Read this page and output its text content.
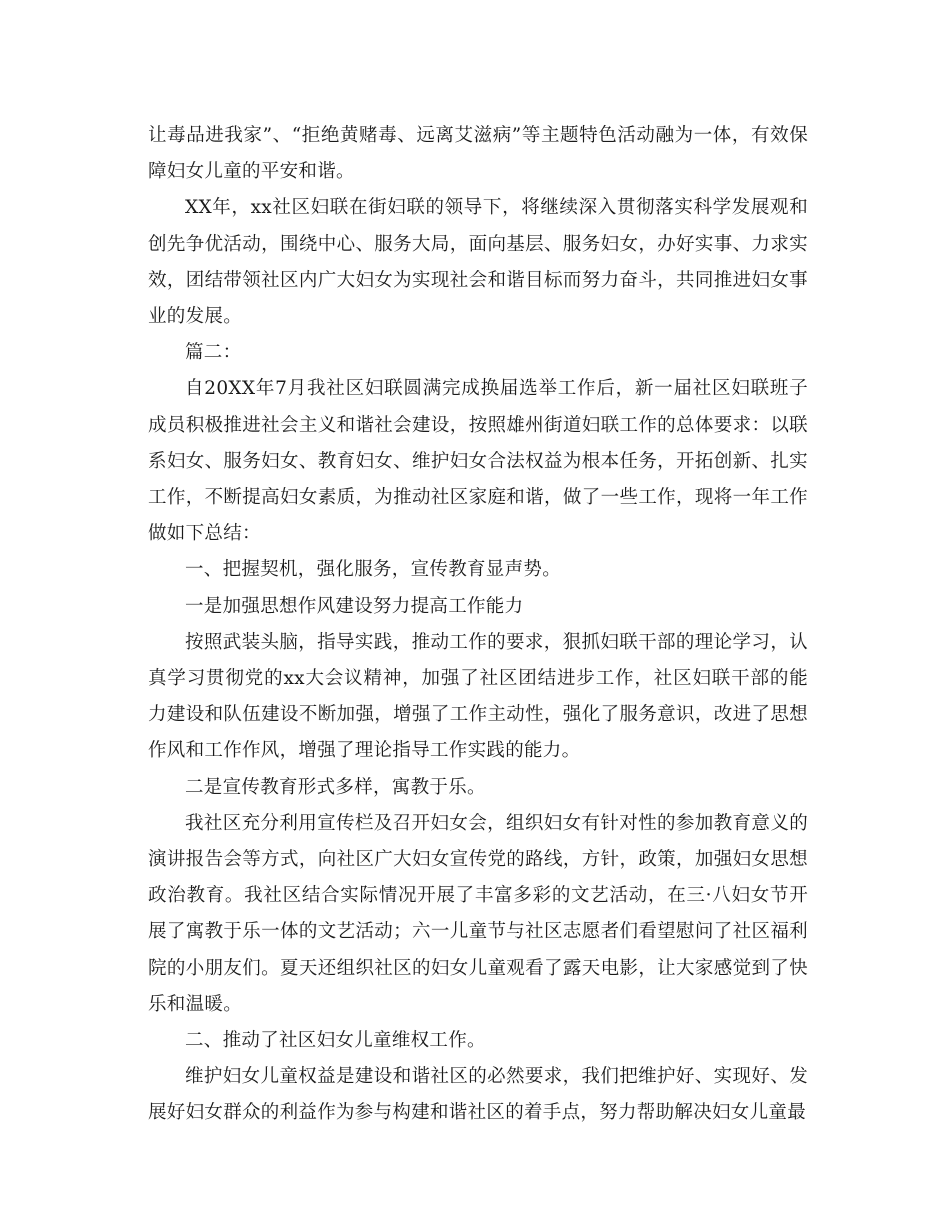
让毒品进我家”、“拒绝黄赌毒、远离艾滋病”等主题特色活动融为一体，有效保障妇女儿童的平安和谐。

XX年，xx社区妇联在街妇联的领导下，将继续深入贯彻落实科学发展观和创先争优活动，围绕中心、服务大局，面向基层、服务妇女，办好实事、力求实效，团结带领社区内广大妇女为实现社会和谐目标而努力奋斗，共同推进妇女事业的发展。

篇二：

自20XX年7月我社区妇联圆满完成换届选举工作后，新一届社区妇联班子成员积极推进社会主义和谐社会建设，按照雄州街道妇联工作的总体要求：以联系妇女、服务妇女、教育妇女、维护妇女合法权益为根本任务，开拓创新、扎实工作，不断提高妇女素质，为推动社区家庭和谐，做了一些工作，现将一年工作做如下总结：

一、把握契机，强化服务，宣传教育显声势。

一是加强思想作风建设努力提高工作能力

按照武装头脑，指导实践，推动工作的要求，狠抓妇联干部的理论学习，认真学习贯彻党的xx大会议精神，加强了社区团结进步工作，社区妇联干部的能力建设和队伍建设不断加强，增强了工作主动性，强化了服务意识，改进了思想作风和工作作风，增强了理论指导工作实践的能力。

二是宣传教育形式多样，寓教于乐。

我社区充分利用宣传栏及召开妇女会，组织妇女有针对性的参加教育意义的演讲报告会等方式，向社区广大妇女宣传党的路线，方针，政策，加强妇女思想政治教育。我社区结合实际情况开展了丰富多彩的文艺活动，在三·八妇女节开展了寓教于乐一体的文艺活动；六一儿童节与社区志愿者们看望慰问了社区福利院的小朋友们。夏天还组织社区的妇女儿童观看了露天电影，让大家感觉到了快乐和温暖。

二、推动了社区妇女儿童维权工作。

维护妇女儿童权益是建设和谐社区的必然要求，我们把维护好、实现好、发展好妇女群众的利益作为参与构建和谐社区的着手点，努力帮助解决妇女儿童最
